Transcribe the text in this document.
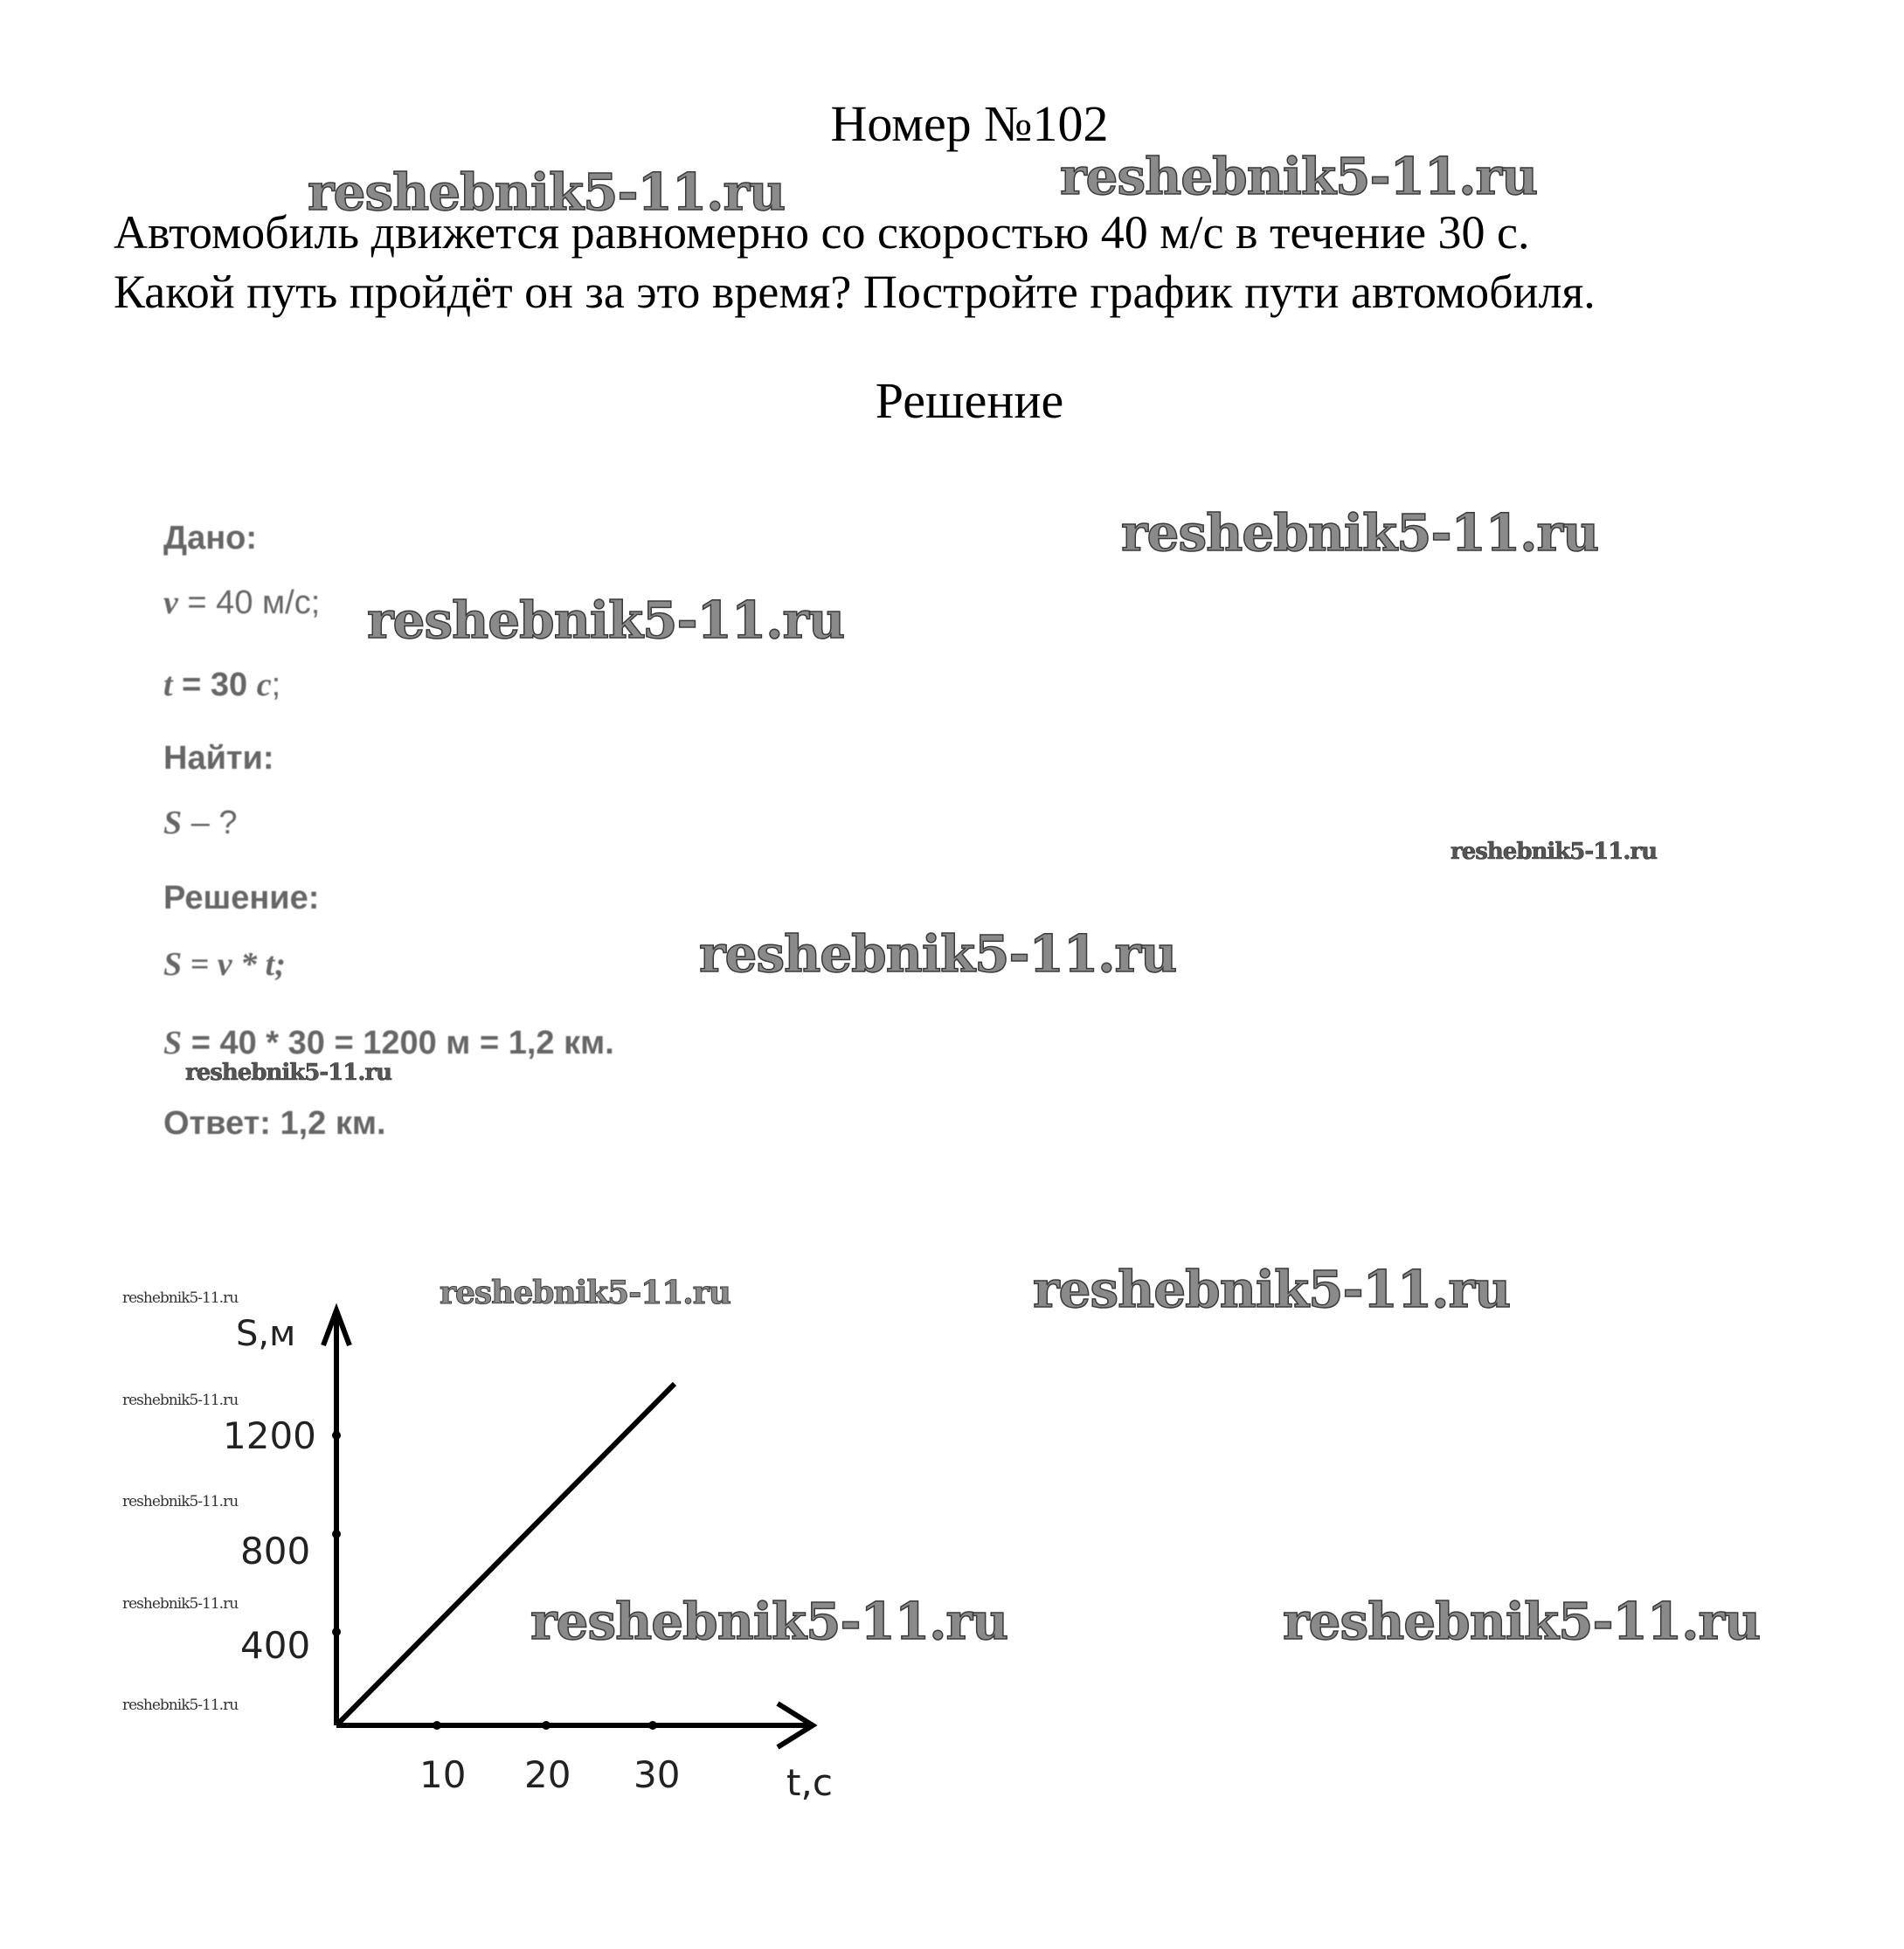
Номер №102
Автомобиль движется равномерно со скоростью 40 м/с в течение 30 с.
Какой путь пройдёт он за это время? Постройте график пути автомобиля.
Решение
Дано:
v = 40 м/с;
t = 30 с;
Найти:
S – ?
Решение:
S = v * t;
S = 40 * 30 = 1200 м = 1,2 км.
Ответ: 1,2 км.
reshebnik5-11.ru	reshebnik5-11.ru
reshebnik5-11.ru
reshebnik5-11.ru
reshebnik5-11.ru
reshebnik5-11.ru
reshebnik5-11.ru
reshebnik5-11.ru	reshebnik5-11.ru
reshebnik5-11.ru	reshebnik5-11.ru
reshebnik5-11.ru
reshebnik5-11.ru
reshebnik5-11.ru
reshebnik5-11.ru
reshebnik5-11.ru
S,м
t,с
1200
800
400
10 20 30
